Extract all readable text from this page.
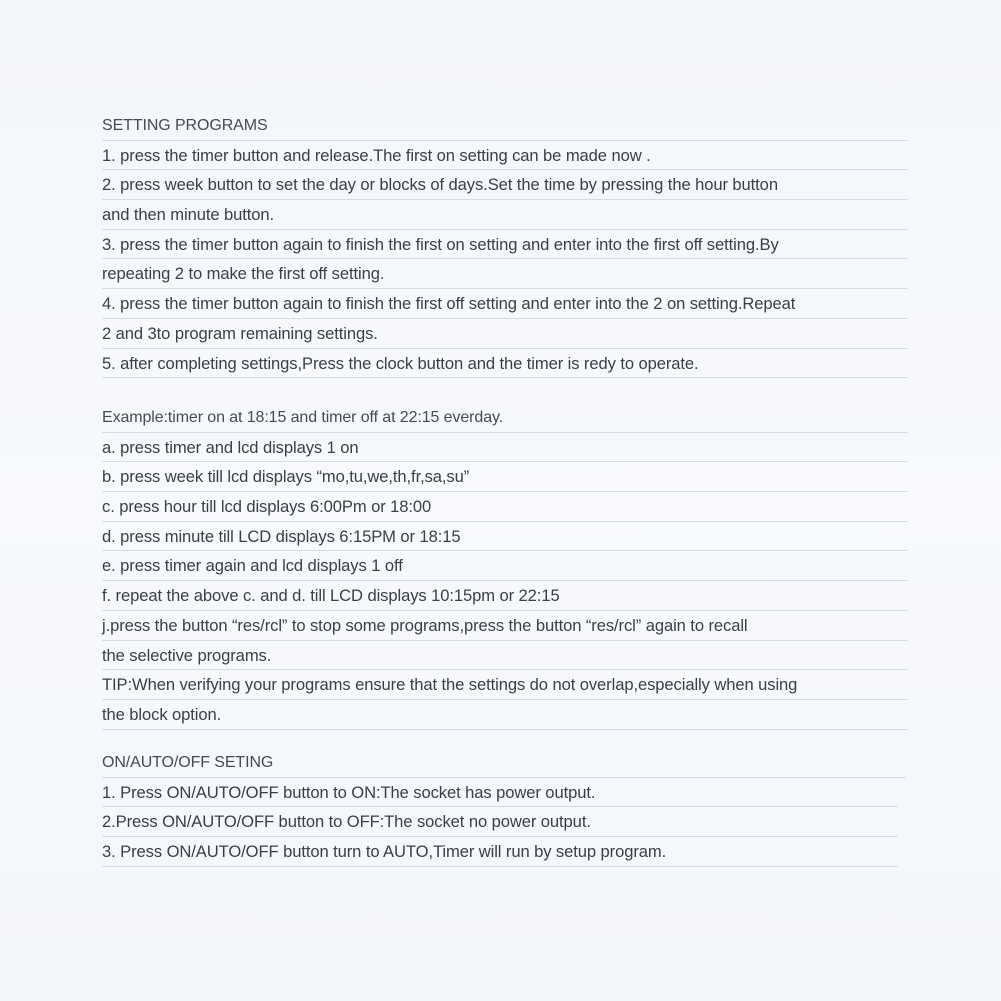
SETTING PROGRAMS
1. press the timer button and release.The first on setting can be made now .
2. press week button to set the day or blocks of days.Set the time by pressing the hour button
and then minute button.
3. press the timer button again to finish the first on setting and enter into the first off setting.By
repeating 2 to make the first off setting.
4. press the timer button again to finish the first off setting and enter into the 2 on setting.Repeat
2 and 3to program remaining settings.
5. after completing settings,Press the clock button and the timer is redy to operate.
Example:timer on at 18:15 and timer off at 22:15 everday.
a. press timer and lcd displays 1 on
b. press week till lcd displays “mo,tu,we,th,fr,sa,su”
c. press hour till lcd displays 6:00Pm or 18:00
d. press minute till LCD displays 6:15PM or 18:15
e. press timer again and lcd displays 1 off
f. repeat the above c. and d. till LCD displays 10:15pm or 22:15
j.press the button “res/rcl” to stop some programs,press the button “res/rcl” again to recall
the selective programs.
TIP:When verifying your programs ensure that the settings do not overlap,especially when using
the block option.
ON/AUTO/OFF SETING
1. Press ON/AUTO/OFF button to ON:The socket has power output.
2.Press ON/AUTO/OFF button to OFF:The socket no power output.
3. Press ON/AUTO/OFF button turn to AUTO,Timer will run by setup program.
